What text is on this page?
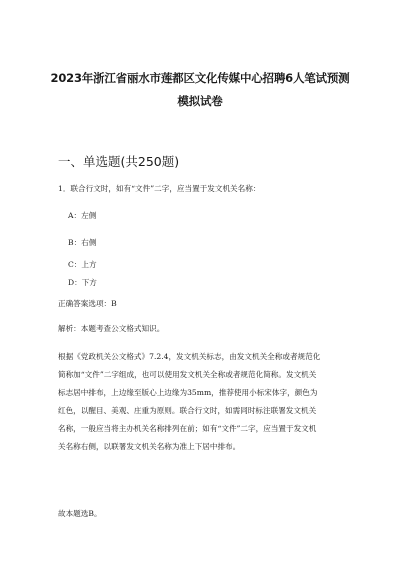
2023年浙江省丽水市莲都区文化传媒中心招聘6人笔试预测
模拟试卷
一、单选题(共250题)
1．联合行文时，如有“文件”二字，应当置于发文机关名称：
A：左侧
B：右侧
C：上方
D：下方
正确答案选项：B
解析：本题考查公文格式知识。
根据《党政机关公文格式》7.2.4，发文机关标志，由发文机关全称或者规范化
简称加“文件”二字组成，也可以使用发文机关全称或者规范化简称。发文机关
标志居中排布，上边缘至版心上边缘为35mm，推荐使用小标宋体字，颜色为
红色，以醒目、美观、庄重为原则。联合行文时，如需同时标注联署发文机关
名称，一般应当将主办机关名称排列在前；如有“文件”二字，应当置于发文机
关名称右侧，以联署发文机关名称为准上下居中排布。
故本题选B。
